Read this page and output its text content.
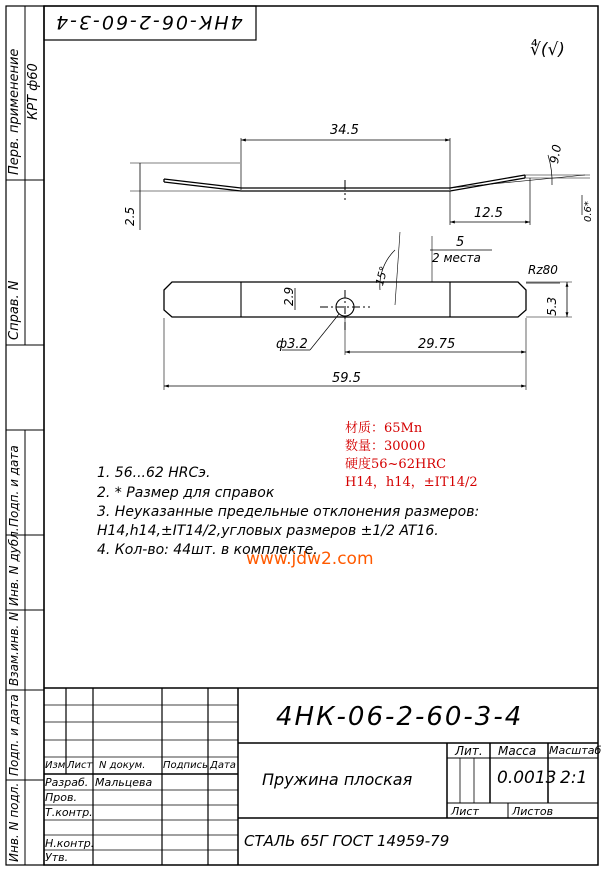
4НК-06-2-60-3-4
Перв. применение КРТ ф60
Справ. N
Подп. и дата
Инв. N дубл.
Взам.инв. N
Подп. и дата
Инв. N подл.
∜(√)
34.5
9.0
2.5	12.5	0.6*
5
2 места
15°	Rz80
2.9
5.3
ф3.2	29.75
59.5
1. 56...62 HRCэ.
2. * Размер для справок
3. Неуказанные предельные отклонения размеров:
H14,h14,±IT14/2,угловых размеров ±1/2 AT16.
4. Кол-во: 44шт. в комплекте.
材质：65Mn
数量：30000
硬度56~62HRC
H14，h14，±IT14/2
www.jdw2.com
4НК-06-2-60-3-4
Изм Лист N докум. Подпись Дата
Разраб. Мальцева
Пров.
Т.контр.
Н.контр.
Утв.
Пружина плоская
Лит. Масса Масштаб
0.0013 2:1
Лист	Листов
СТАЛЬ 65Г ГОСТ 14959-79
